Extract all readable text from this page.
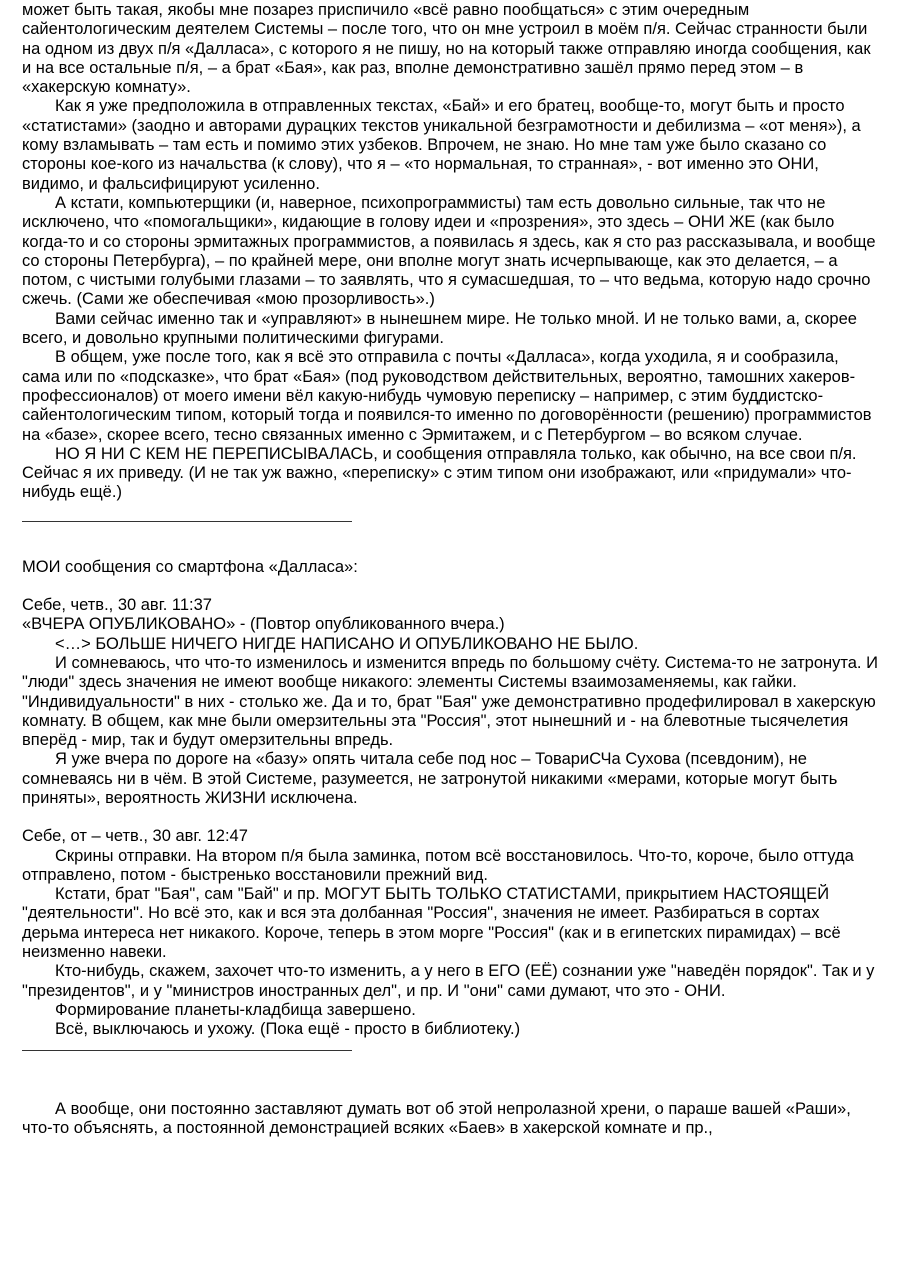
может быть такая, якобы мне позарез приспичило «всё равно пообщаться» с этим очередным сайентологическим деятелем Системы – после того, что он мне устроил в моём п/я. Сейчас странности были на одном из двух п/я «Далласа», с которого я не пишу, но на который также отправляю иногда сообщения, как и на все остальные п/я, – а брат «Бая», как раз, вполне демонстративно зашёл прямо перед этом – в «хакерскую комнату».

Как я уже предположила в отправленных текстах, «Бай» и его братец, вообще-то, могут быть и просто «статистами» (заодно и авторами дурацких текстов уникальной безграмотности и дебилизма – «от меня»), а кому взламывать – там есть и помимо этих узбеков. Впрочем, не знаю. Но мне там уже было сказано со стороны кое-кого из начальства (к слову), что я – «то нормальная, то странная», - вот именно это ОНИ, видимо, и фальсифицируют усиленно.

А кстати, компьютерщики (и, наверное, психопрограммисты) там есть довольно сильные, так что не исключено, что «помогальщики», кидающие в голову идеи и «прозрения», это здесь – ОНИ ЖЕ (как было когда-то и со стороны эрмитажных программистов, а появилась я здесь, как я сто раз рассказывала, и вообще со стороны Петербурга), – по крайней мере, они вполне могут знать исчерпывающе, как это делается, – а потом, с чистыми голубыми глазами – то заявлять, что я сумасшедшая, то – что ведьма, которую надо срочно сжечь. (Сами же обеспечивая «мою прозорливость».)

Вами сейчас именно так и «управляют» в нынешнем мире. Не только мной. И не только вами, а, скорее всего, и довольно крупными политическими фигурами.

В общем, уже после того, как я всё это отправила с почты «Далласа», когда уходила, я и сообразила, сама или по «подсказке», что брат «Бая» (под руководством действительных, вероятно, тамошних хакеров-профессионалов) от моего имени вёл какую-нибудь чумовую переписку – например, с этим буддистско-сайентологическим типом, который тогда и появился-то именно по договорённости (решению) программистов на «базе», скорее всего, тесно связанных именно с Эрмитажем, и с Петербургом – во всяком случае.

НО Я НИ С КЕМ НЕ ПЕРЕПИСЫВАЛАСЬ, и сообщения отправляла только, как обычно, на все свои п/я. Сейчас я их приведу. (И не так уж важно, «переписку» с этим типом они изображают, или «придумали» что-нибудь ещё.)

МОИ сообщения со смартфона «Далласа»:

Себе, четв., 30 авг. 11:37

«ВЧЕРА ОПУБЛИКОВАНО» - (Повтор опубликованного вчера.)

<…> БОЛЬШЕ НИЧЕГО НИГДЕ НАПИСАНО И ОПУБЛИКОВАНО НЕ БЫЛО.

И сомневаюсь, что что-то изменилось и изменится впредь по большому счёту. Система-то не затронута. И "люди" здесь значения не имеют вообще никакого: элементы Системы взаимозаменяемы, как гайки. "Индивидуальности" в них - столько же. Да и то, брат "Бая" уже демонстративно продефилировал в хакерскую комнату. В общем, как мне были омерзительны эта "Россия", этот нынешний и - на блевотные тысячелетия вперёд - мир, так и будут омерзительны впредь.

Я уже вчера по дороге на «базу» опять читала себе под нос – ТовариСЧа Сухова (псевдоним), не сомневаясь ни в чём. В этой Системе, разумеется, не затронутой никакими «мерами, которые могут быть приняты», вероятность ЖИЗНИ исключена.

Себе, от – четв., 30 авг. 12:47

Скрины отправки. На втором п/я была заминка, потом всё восстановилось. Что-то, короче, было оттуда отправлено, потом - быстренько восстановили прежний вид.

Кстати, брат "Бая", сам "Бай" и пр. МОГУТ БЫТЬ ТОЛЬКО СТАТИСТАМИ, прикрытием НАСТОЯЩЕЙ "деятельности". Но всё это, как и вся эта долбанная "Россия", значения не имеет. Разбираться в сортах дерьма интереса нет никакого. Короче, теперь в этом морге "Россия" (как и в египетских пирамидах) – всё неизменно навеки.

Кто-нибудь, скажем, захочет что-то изменить, а у него в ЕГО (ЕЁ) сознании уже "наведён порядок". Так и у "президентов", и у "министров иностранных дел", и пр. И "они" сами думают, что это - ОНИ.

Формирование планеты-кладбища завершено.

Всё, выключаюсь и ухожу. (Пока ещё - просто в библиотеку.)

А вообще, они постоянно заставляют думать вот об этой непролазной хрени, о параше вашей «Раши», что-то объяснять, а постоянной демонстрацией всяких «Баев» в хакерской комнате и пр.,
